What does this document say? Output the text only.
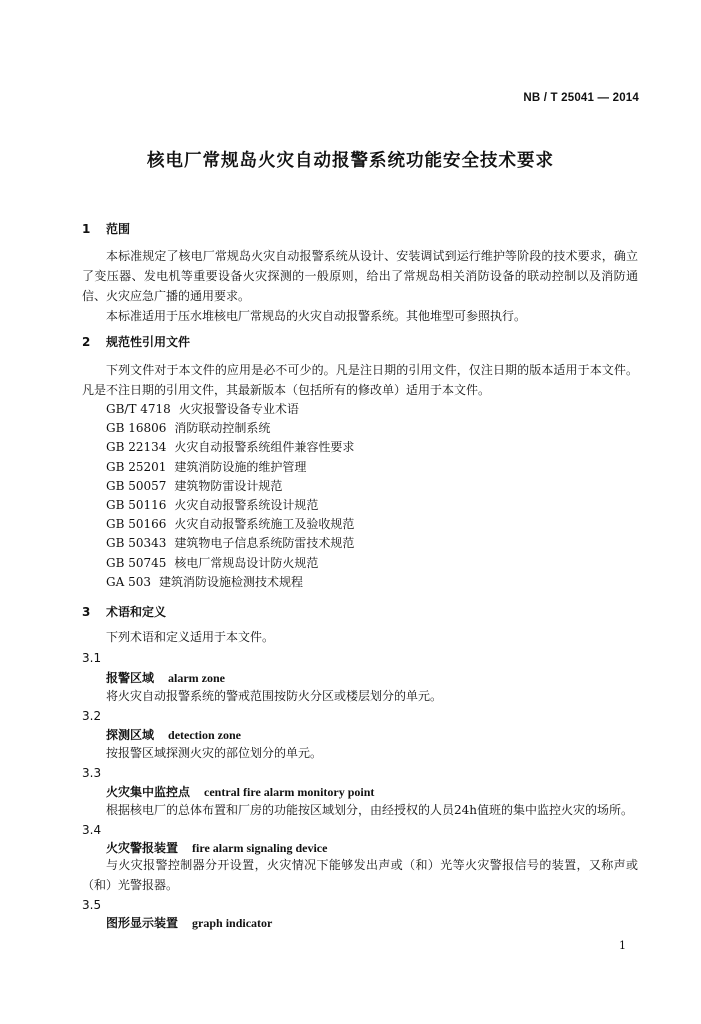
NB / T 25041 — 2014
核电厂常规岛火灾自动报警系统功能安全技术要求
1 范围
本标准规定了核电厂常规岛火灾自动报警系统从设计、安装调试到运行维护等阶段的技术要求，确立了变压器、发电机等重要设备火灾探测的一般原则，给出了常规岛相关消防设备的联动控制以及消防通信、火灾应急广播的通用要求。
本标准适用于压水堆核电厂常规岛的火灾自动报警系统。其他堆型可参照执行。
2 规范性引用文件
下列文件对于本文件的应用是必不可少的。凡是注日期的引用文件，仅注日期的版本适用于本文件。凡是不注日期的引用文件，其最新版本（包括所有的修改单）适用于本文件。
GB/T 4718 火灾报警设备专业术语
GB 16806 消防联动控制系统
GB 22134 火灾自动报警系统组件兼容性要求
GB 25201 建筑消防设施的维护管理
GB 50057 建筑物防雷设计规范
GB 50116 火灾自动报警系统设计规范
GB 50166 火灾自动报警系统施工及验收规范
GB 50343 建筑物电子信息系统防雷技术规范
GB 50745 核电厂常规岛设计防火规范
GA 503 建筑消防设施检测技术规程
3 术语和定义
下列术语和定义适用于本文件。
3.1
报警区域 alarm zone
将火灾自动报警系统的警戒范围按防火分区或楼层划分的单元。
3.2
探测区域 detection zone
按报警区域探测火灾的部位划分的单元。
3.3
火灾集中监控点 central fire alarm monitory point
根据核电厂的总体布置和厂房的功能按区域划分，由经授权的人员24h值班的集中监控火灾的场所。
3.4
火灾警报装置 fire alarm signaling device
与火灾报警控制器分开设置，火灾情况下能够发出声或（和）光等火灾警报信号的装置，又称声或（和）光警报器。
3.5
图形显示装置 graph indicator
1
